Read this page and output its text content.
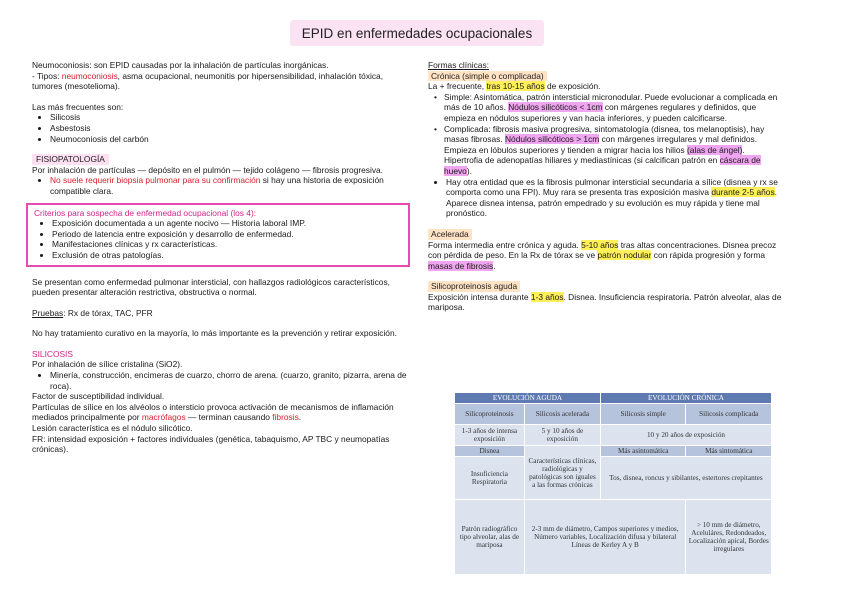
EPID en enfermedades ocupacionales

Neumoconiosis: son EPID causadas por la inhalación de partículas inorgánicas.

- Tipos: neumoconiosis, asma ocupacional, neumonitis por hipersensibilidad, inhalación tóxica, tumores (mesotelioma).

Las más frecuentes son:

• Silicosis
• Asbestosis
• Neumoconiosis del carbón

FISIOPATOLOGÍA

Por inhalación de partículas — depósito en el pulmón — tejido colágeno — fibrosis progresiva.

• No suele requerir biopsia pulmonar para su confirmación si hay una historia de exposición compatible clara.

Criterios para sospecha de enfermedad ocupacional (los 4):

• Exposición documentada a un agente nocivo — Historia laboral IMP.
• Periodo de latencia entre exposición y desarrollo de enfermedad.
• Manifestaciones clínicas y rx características.
• Exclusión de otras patologías.

Se presentan como enfermedad pulmonar intersticial, con hallazgos radiológicos característicos, pueden presentar alteración restrictiva, obstructiva o normal.

Pruebas: Rx de tórax, TAC, PFR

No hay tratamiento curativo en la mayoría, lo más importante es la prevención y retirar exposición.

SILICOSIS

Por inhalación de sílice cristalina (SiO2).

• Minería, construcción, encimeras de cuarzo, chorro de arena. (cuarzo, granito, pizarra, arena de roca).

Factor de susceptibilidad individual.

Partículas de sílice en los alvéolos o intersticio provoca activación de mecanismos de inflamación mediados principalmente por macrófagos — terminan causando fibrosis.

Lesión característica es el nódulo silicótico.

FR: intensidad exposición + factores individuales (genética, tabaquismo, AP TBC y neumopatías crónicas).

Formas clínicas:

Crónica (simple o complicada)

La + frecuente, tras 10-15 años de exposición.

• Simple: Asintomática, patrón intersticial micronodular. Puede evolucionar a complicada en más de 10 años. Nódulos silicóticos < 1cm con márgenes regulares y definidos, que empieza en nódulos superiores y van hacia inferiores, y pueden calcificarse.
• Complicada: fibrosis masiva progresiva, sintomatología (disnea, tos melanoptisis), hay masas fibrosas. Nódulos silicóticos > 1cm con márgenes irregulares y mal definidos. Empieza en lóbulos superiores y tienden a migrar hacia los hilios (alas de ángel). Hipertrofia de adenopatías hiliares y mediastínicas (si calcifican patrón en cáscara de huevo).
• Hay otra entidad que es la fibrosis pulmonar intersticial secundaria a sílice (disnea y rx se comporta como una FPI). Muy rara se presenta tras exposición masiva durante 2-5 años. Aparece disnea intensa, patrón empedrado y su evolución es muy rápida y tiene mal pronóstico.

Acelerada

Forma intermedia entre crónica y aguda. 5-10 años tras altas concentraciones. Disnea precoz con pérdida de peso. En la Rx de tórax se ve patrón nodular con rápida progresión y forma masas de fibrosis.

Silicoproteinosis aguda

Exposición intensa durante 1-3 años. Disnea. Insuficiencia respiratoria. Patrón alveolar, alas de mariposa.

EVOLUCIÓN AGUDA		EVOLUCIÓN CRÓNICA	
Silicoproteinosis	Silicosis acelerada	Silicosis simple	Silicosis complicada
1-3 años de intensa exposición	5 y 10 años de exposición	10 y 20 años de exposición	
Disnea	Características clínicas, radiológicas y patológicas son iguales a las formas crónicas	Más asintomática	Más sintomática
Insuficiencia Respiratoria		Tos, disnea, roncus y sibilantes, estertores crepitantes	
Patrón radiográfico tipo alveolar, alas de mariposa	2-3 mm de diámetro, Campos superiores y medios, Número variables, Localización difusa y bilateral Líneas de Kerley A y B		> 10 mm de diámetro, Aceluláres, Redondeados, Localización apical, Bordes irregulares
